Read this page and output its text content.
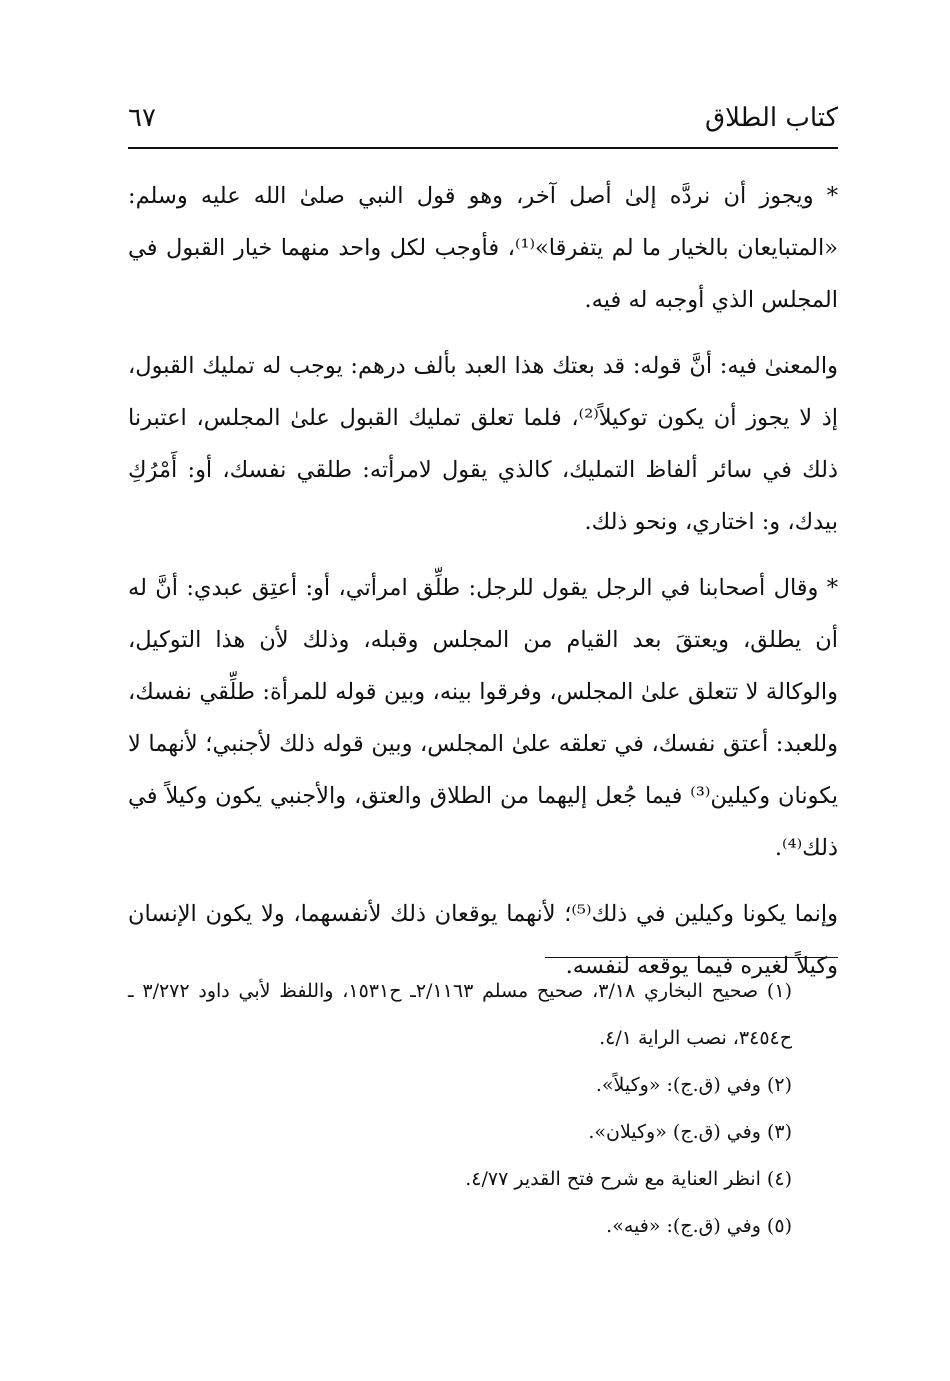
كتاب الطلاق
٦٧

* ويجوز أن نردَّه إلىٰ أصل آخر، وهو قول النبي صلىٰ الله عليه وسلم: «المتبايعان بالخيار ما لم يتفرقا»⁽¹⁾، فأوجب لكل واحد منهما خيار القبول في المجلس الذي أوجبه له فيه.

والمعنىٰ فيه: أنَّ قوله: قد بعتك هذا العبد بألف درهم: يوجب له تمليك القبول، إذ لا يجوز أن يكون توكيلاً⁽²⁾، فلما تعلق تمليك القبول علىٰ المجلس، اعتبرنا ذلك في سائر ألفاظ التمليك، كالذي يقول لامرأته: طلقي نفسك، أو: أَمْرُكِ بيدك، و: اختاري، ونحو ذلك.

* وقال أصحابنا في الرجل يقول للرجل: طلِّق امرأتي، أو: أعتِق عبدي: أنَّ له أن يطلق، ويعتقَ بعد القيام من المجلس وقبله، وذلك لأن هذا التوكيل، والوكالة لا تتعلق علىٰ المجلس، وفرقوا بينه، وبين قوله للمرأة: طلِّقي نفسك، وللعبد: أعتق نفسك، في تعلقه علىٰ المجلس، وبين قوله ذلك لأجنبي؛ لأنهما لا يكونان وكيلين⁽³⁾ فيما جُعل إليهما من الطلاق والعتق، والأجنبي يكون وكيلاً في ذلك⁽⁴⁾.

وإنما يكونا وكيلين في ذلك⁽⁵⁾؛ لأنهما يوقعان ذلك لأنفسهما، ولا يكون الإنسان وكيلاً لغيره فيما يوقعه لنفسه.

(١) صحيح البخاري ٣/١٨، صحيح مسلم ٢/١١٦٣ـ ح١٥٣١، واللفظ لأبي داود ٣/٢٧٢ ـ ح٣٤٥٤، نصب الراية ٤/١.

(٢) وفي (ق.ج): «وكيلاً».

(٣) وفي (ق.ج) «وكيلان».

(٤) انظر العناية مع شرح فتح القدير ٤/٧٧.

(٥) وفي (ق.ج): «فيه».
